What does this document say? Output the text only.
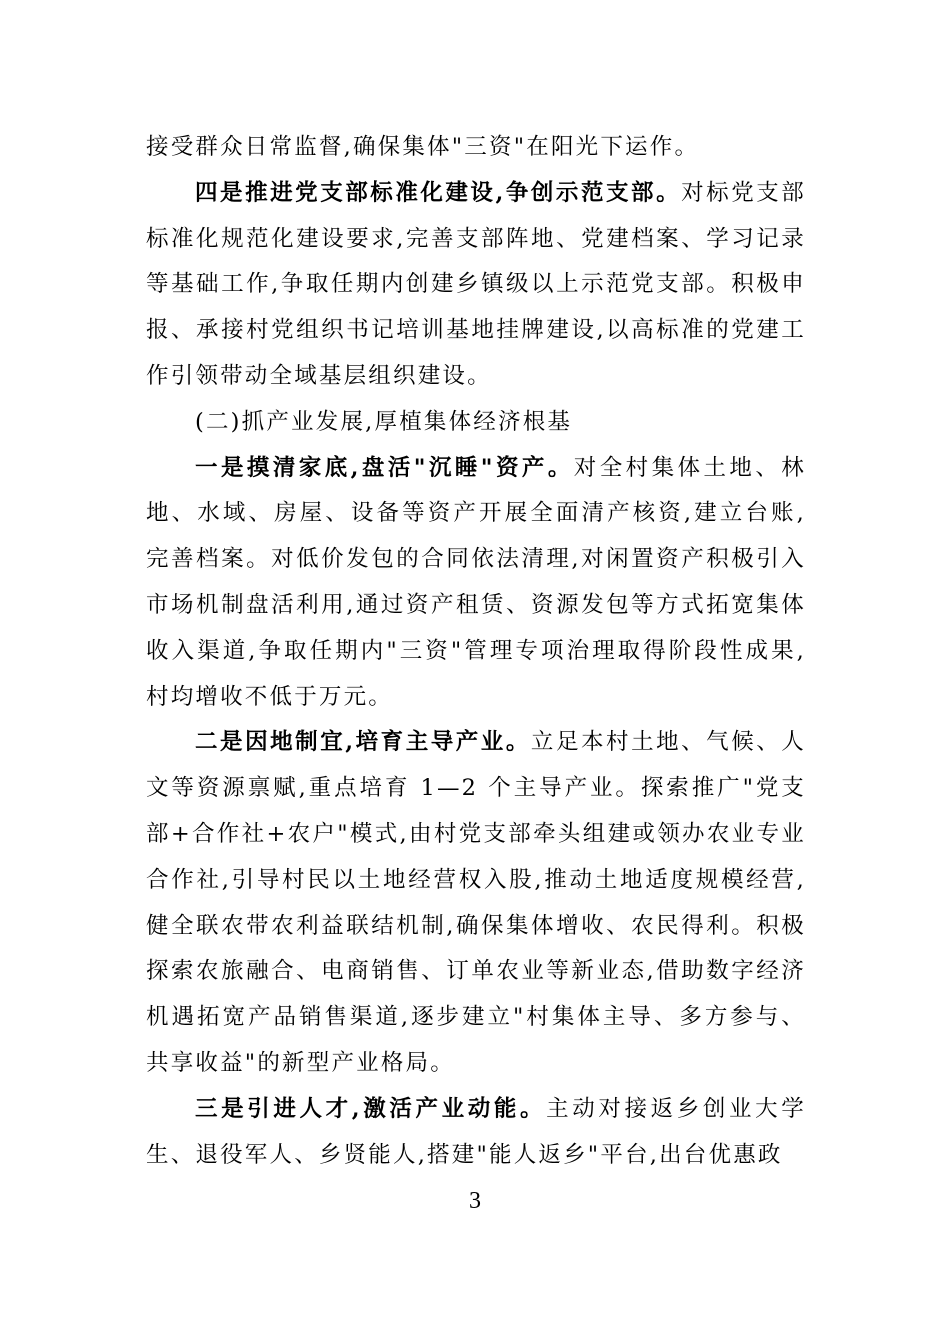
接受群众日常监督,确保集体"三资"在阳光下运作。

四是推进党支部标准化建设,争创示范支部。对标党支部标准化规范化建设要求,完善支部阵地、党建档案、学习记录等基础工作,争取任期内创建乡镇级以上示范党支部。积极申报、承接村党组织书记培训基地挂牌建设,以高标准的党建工作引领带动全域基层组织建设。

(二)抓产业发展,厚植集体经济根基

一是摸清家底,盘活"沉睡"资产。对全村集体土地、林地、水域、房屋、设备等资产开展全面清产核资,建立台账,完善档案。对低价发包的合同依法清理,对闲置资产积极引入市场机制盘活利用,通过资产租赁、资源发包等方式拓宽集体收入渠道,争取任期内"三资"管理专项治理取得阶段性成果,村均增收不低于万元。

二是因地制宜,培育主导产业。立足本村土地、气候、人文等资源禀赋,重点培育 1—2 个主导产业。探索推广"党支部+合作社+农户"模式,由村党支部牵头组建或领办农业专业合作社,引导村民以土地经营权入股,推动土地适度规模经营,健全联农带农利益联结机制,确保集体增收、农民得利。积极探索农旅融合、电商销售、订单农业等新业态,借助数字经济机遇拓宽产品销售渠道,逐步建立"村集体主导、多方参与、共享收益"的新型产业格局。

三是引进人才,激活产业动能。主动对接返乡创业大学生、退役军人、乡贤能人,搭建"能人返乡"平台,出台优惠政

3
